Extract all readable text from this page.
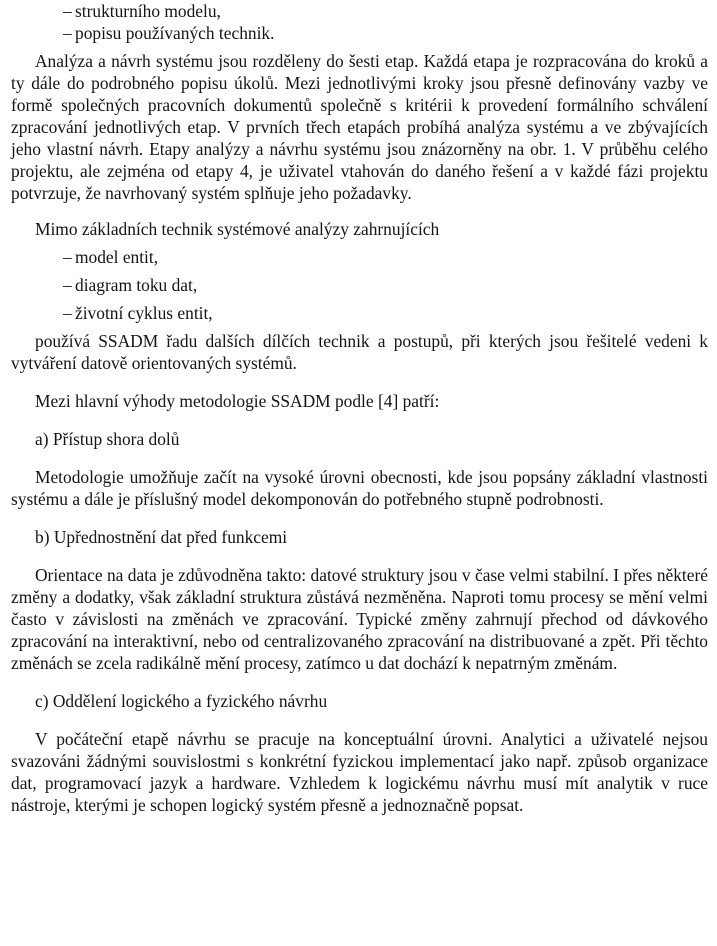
–
strukturního modelu,
–
popisu používaných technik.

Analýza a návrh systému jsou rozděleny do šesti etap. Každá etapa je rozpracována do kroků a ty dále do podrobného popisu úkolů. Mezi jednotlivými kroky jsou přesně definovány vazby ve formě společných pracovních dokumentů společně s kritérii k provedení formálního schválení zpracování jednotlivých etap. V prvních třech etapách probíhá analýza systému a ve zbývajících jeho vlastní návrh. Etapy analýzy a návrhu systému jsou znázorněny na obr. 1. V průběhu celého projektu, ale zejména od etapy 4, je uživatel vtahován do daného řešení a v každé fázi projektu potvrzuje, že navrhovaný systém splňuje jeho požadavky.

Mimo základních technik systémové analýzy zahrnujících

–
model entit,
–
diagram toku dat,
–
životní cyklus entit,

používá SSADM řadu dalších dílčích technik a postupů, při kterých jsou řešitelé vedeni k vytváření datově orientovaných systémů.

Mezi hlavní výhody metodologie SSADM podle [4] patří:

a) Přístup shora dolů

Metodologie umožňuje začít na vysoké úrovni obecnosti, kde jsou popsány základní vlastnosti systému a dále je příslušný model dekomponován do potřebného stupně podrobnosti.

b) Upřednostnění dat před funkcemi

Orientace na data je zdůvodněna takto: datové struktury jsou v čase velmi stabilní. I přes některé změny a dodatky, však základní struktura zůstává nezměněna. Naproti tomu procesy se mění velmi často v závislosti na změnách ve zpracování. Typické změny zahrnují přechod od dávkového zpracování na interaktivní, nebo od centralizovaného zpracování na distribuované a zpět. Při těchto změnách se zcela radikálně mění procesy, zatímco u dat dochází k nepatrným změnám.

c) Oddělení logického a fyzického návrhu

V počáteční etapě návrhu se pracuje na konceptuální úrovni. Analytici a uživatelé nejsou svazováni žádnými souvislostmi s konkrétní fyzickou implementací jako např. způsob organizace dat, programovací jazyk a hardware. Vzhledem k logickému návrhu musí mít analytik v ruce nástroje, kterými je schopen logický systém přesně a jednoznačně popsat.
